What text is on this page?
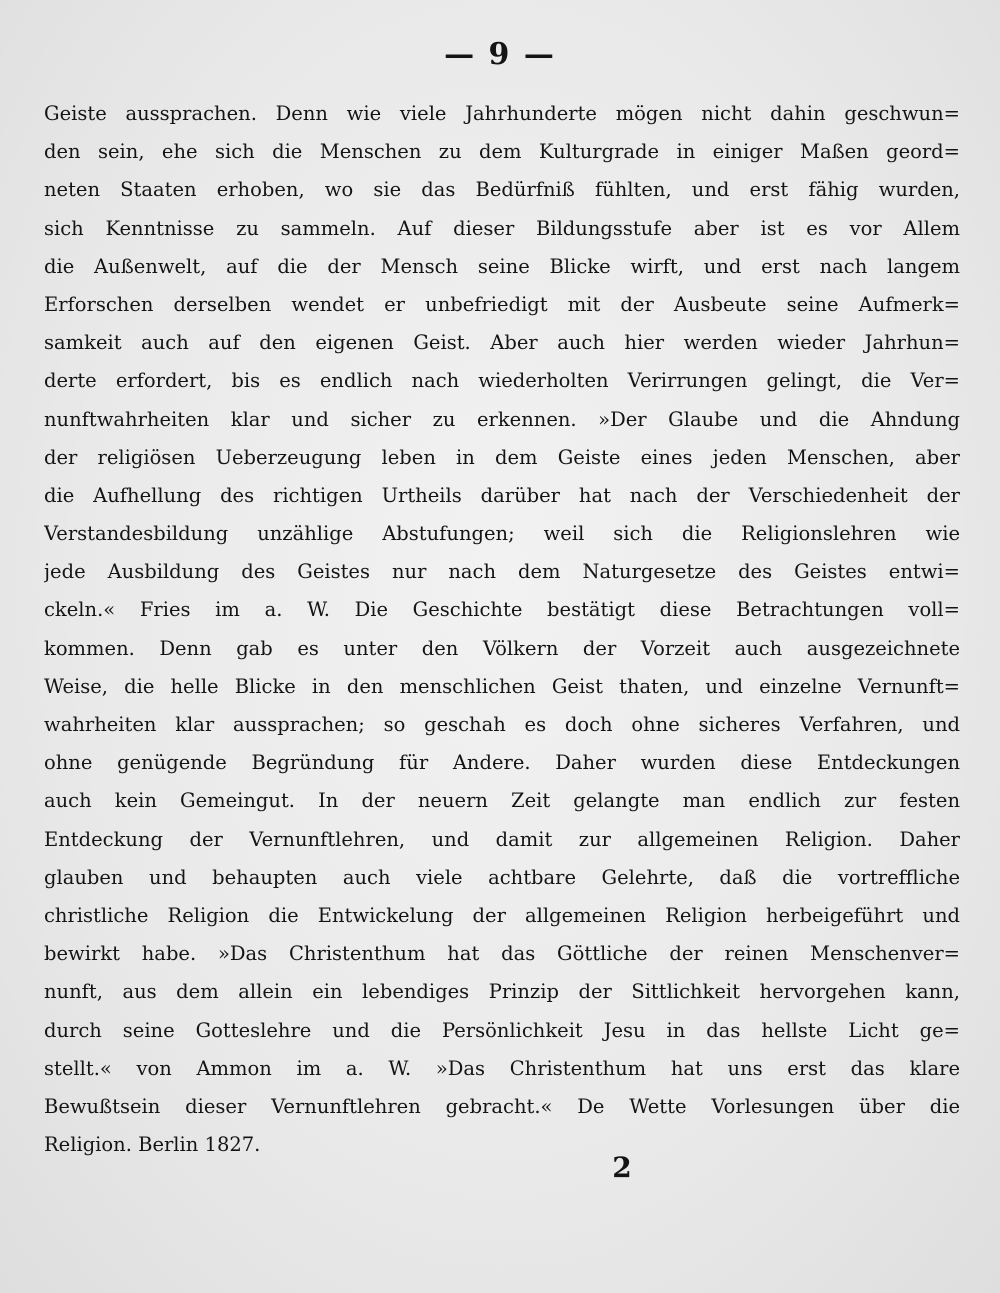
— 9 —
Geiste aussprachen. Denn wie viele Jahrhunderte mögen nicht dahin geschwun=
den sein, ehe sich die Menschen zu dem Kulturgrade in einiger Maßen geord=
neten Staaten erhoben, wo sie das Bedürfniß fühlten, und erst fähig wurden,
sich Kenntnisse zu sammeln. Auf dieser Bildungsstufe aber ist es vor Allem
die Außenwelt, auf die der Mensch seine Blicke wirft, und erst nach langem
Erforschen derselben wendet er unbefriedigt mit der Ausbeute seine Aufmerk=
samkeit auch auf den eigenen Geist. Aber auch hier werden wieder Jahrhun=
derte erfordert, bis es endlich nach wiederholten Verirrungen gelingt, die Ver=
nunftwahrheiten klar und sicher zu erkennen. »Der Glaube und die Ahndung
der religiösen Ueberzeugung leben in dem Geiste eines jeden Menschen, aber
die Aufhellung des richtigen Urtheils darüber hat nach der Verschiedenheit der
Verstandesbildung unzählige Abstufungen; weil sich die Religionslehren wie
jede Ausbildung des Geistes nur nach dem Naturgesetze des Geistes entwi=
ckeln.« Fries im a. W. Die Geschichte bestätigt diese Betrachtungen voll=
kommen. Denn gab es unter den Völkern der Vorzeit auch ausgezeichnete
Weise, die helle Blicke in den menschlichen Geist thaten, und einzelne Vernunft=
wahrheiten klar aussprachen; so geschah es doch ohne sicheres Verfahren, und
ohne genügende Begründung für Andere. Daher wurden diese Entdeckungen
auch kein Gemeingut. In der neuern Zeit gelangte man endlich zur festen
Entdeckung der Vernunftlehren, und damit zur allgemeinen Religion. Daher
glauben und behaupten auch viele achtbare Gelehrte, daß die vortreffliche
christliche Religion die Entwickelung der allgemeinen Religion herbeigeführt und
bewirkt habe. »Das Christenthum hat das Göttliche der reinen Menschenver=
nunft, aus dem allein ein lebendiges Prinzip der Sittlichkeit hervorgehen kann,
durch seine Gotteslehre und die Persönlichkeit Jesu in das hellste Licht ge=
stellt.« von Ammon im a. W. »Das Christenthum hat uns erst das klare
Bewußtsein dieser Vernunftlehren gebracht.« De Wette Vorlesungen über die
Religion. Berlin 1827.
2
